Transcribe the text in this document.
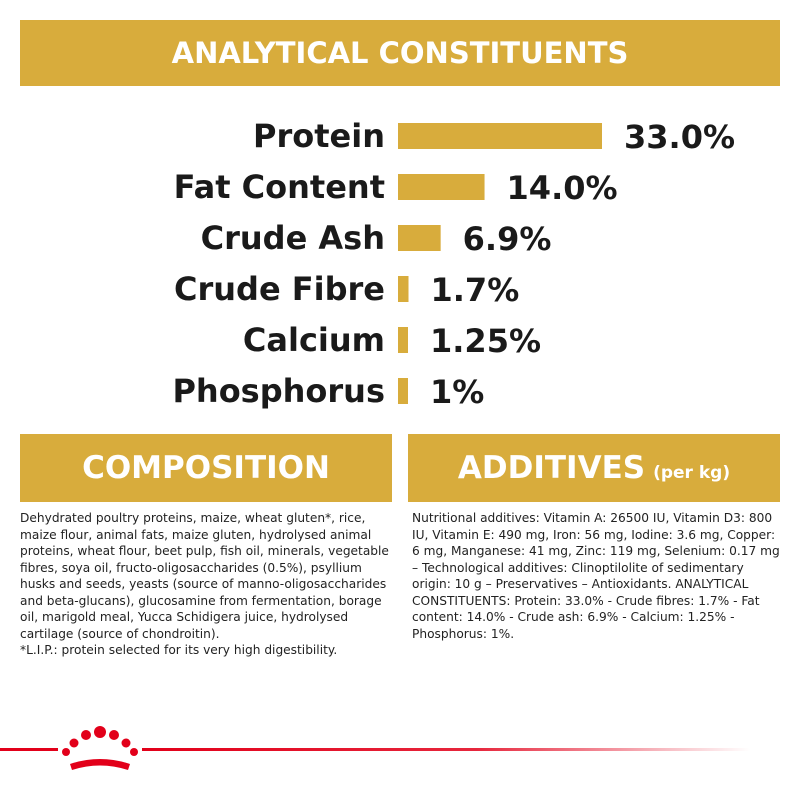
ANALYTICAL CONSTITUENTS
Protein	33.0%
Fat Content	14.0%
Crude Ash 6.9%
Crude Fibre 1.7%
Calcium 1.25%
Phosphorus 1%
COMPOSITION	ADDITIVES (per kg)
Dehydrated poultry proteins, maize, wheat gluten*, rice, maize flour, animal fats, maize gluten, hydrolysed animal proteins, wheat flour, beet pulp, fish oil, minerals, vegetable fibres, soya oil, fructo-oligosaccharides (0.5%), psyllium husks and seeds, yeasts (source of manno-oligosaccharides and beta-glucans), glucosamine from fermentation, borage oil, marigold meal, Yucca Schidigera juice, hydrolysed cartilage (source of chondroitin).
*L.I.P.: protein selected for its very high digestibility.
Nutritional additives: Vitamin A: 26500 IU, Vitamin D3: 800 IU, Vitamin E: 490 mg, Iron: 56 mg, Iodine: 3.6 mg, Copper: 6 mg, Manganese: 41 mg, Zinc: 119 mg, Selenium: 0.17 mg – Technological additives: Clinoptilolite of sedimentary origin: 10 g – Preservatives – Antioxidants. ANALYTICAL CONSTITUENTS: Protein: 33.0% - Crude fibres: 1.7% - Fat content: 14.0% - Crude ash: 6.9% - Calcium: 1.25% - Phosphorus: 1%.
